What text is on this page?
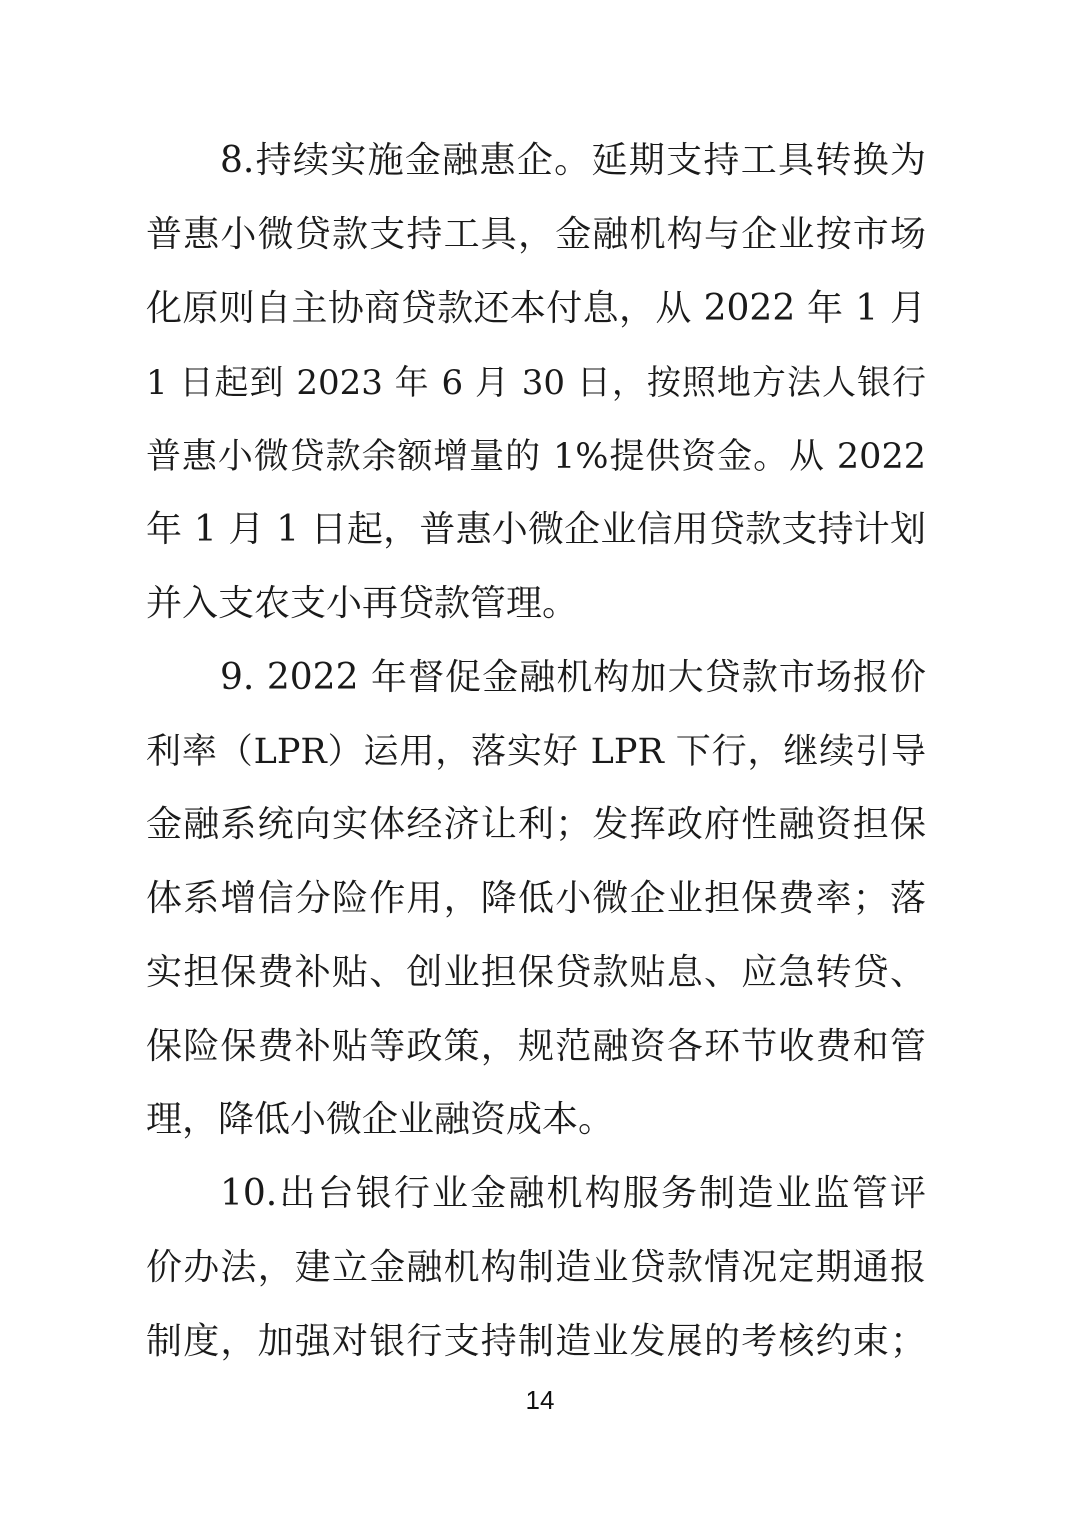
8.持续实施金融惠企。延期支持工具转换为
普惠小微贷款支持工具，金融机构与企业按市场
化原则自主协商贷款还本付息，从 2022 年 1 月
1 日起到 2023 年 6 月 30 日，按照地方法人银行
普惠小微贷款余额增量的 1%提供资金。从 2022
年 1 月 1 日起，普惠小微企业信用贷款支持计划
并入支农支小再贷款管理。
9. 2022 年督促金融机构加大贷款市场报价
利率（LPR）运用，落实好 LPR 下行，继续引导
金融系统向实体经济让利；发挥政府性融资担保
体系增信分险作用，降低小微企业担保费率；落
实担保费补贴、创业担保贷款贴息、应急转贷、
保险保费补贴等政策，规范融资各环节收费和管
理，降低小微企业融资成本。
10.出台银行业金融机构服务制造业监管评
价办法，建立金融机构制造业贷款情况定期通报
制度，加强对银行支持制造业发展的考核约束；
14
